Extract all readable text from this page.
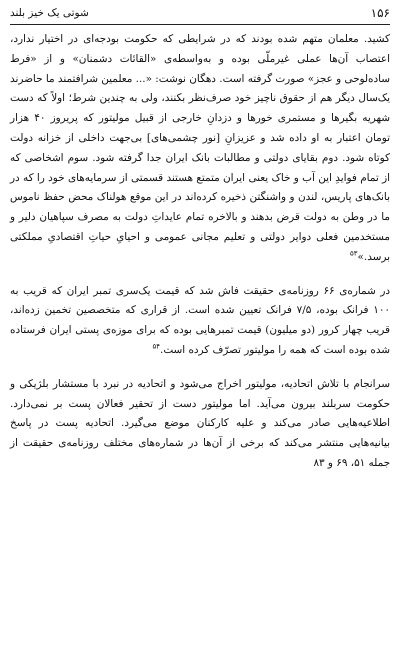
۱۵۶
شوتی یک خیز بلند

کشید. معلمان متهم شده بودند که در شرایطی که حکومت بودجه‌ای در اختیار ندارد، اعتصاب آن‌ها عملی غیرملّی بوده و به‌واسطه‌ی «القائات دشمنان» و از «فرط ساده‌لوحی و عجز» صورت گرفته است. دهگان نوشت: «... معلمین شرافتمند ما حاضرند یک‌سال دیگر هم از حقوق ناچیز خود صرف‌نظر بکنند، ولی به چندین شرط؛ اولاً که دست شهریه بگیرها و مستمری خورها و دزدانِ خارجی از قبیل مولیتور که پریروز ۴۰ هزار تومان اعتبار به او داده شد و عزیزانِ [نور چشمی‌های] بی‌جهت داخلی از خزانه دولت کوتاه شود. دوم بقایای دولتی و مطالبات بانک ایران جدا گرفته شود. سوم اشخاصی که از تمام فوایدِ این آب و خاک یعنی ایران متمتع هستند قسمتی از سرمایه‌های خود را که در بانک‌های پاریس، لندن و واشنگتن ذخیره کرده‌اند در این موقع هولناک محض حفظ ناموس ما در وطن به دولت قرض بدهند و بالاخره تمام عایداتِ دولت به مصرف سپاهیان دلیر و مستخدمین فعلی دوایر دولتی و تعلیم مجانی عمومی و احیایِ حیاتِ اقتصادیِ مملکتی برسد.»$^{۵۳}$

در شماره‌ی ۶۶ روزنامه‌ی حقیقت فاش شد که قیمت یک‌سری تمبر ایران که قریب به ۱۰۰ فرانک بوده، ۷/۵ فرانک تعیین شده است. از قراری که متخصصین تخمین زده‌اند، قریب چهار کرور (دو میلیون) قیمت تمبرهایی بوده که برای موزه‌ی پستی ایران فرستاده شده بوده است که همه را مولیتور تصرّف کرده است.$^{۵۴}$

سرانجام با تلاش اتحادیه، مولیتور اخراج می‌شود و اتحادیه در نبرد با مستشار بلژیکی و حکومت سربلند بیرون می‌آید. اما مولیتور دست از تحقیر فعالان پست بر نمی‌دارد. اطلاعیه‌هایی صادر می‌کند و علیه کارکنان موضع می‌گیرد. اتحادیه پست در پاسخ بیانیه‌هایی منتشر می‌کند که برخی از آن‌ها در شماره‌های مختلف روزنامه‌ی حقیقت از جمله ۵۱، ۶۹ و ۸۳
